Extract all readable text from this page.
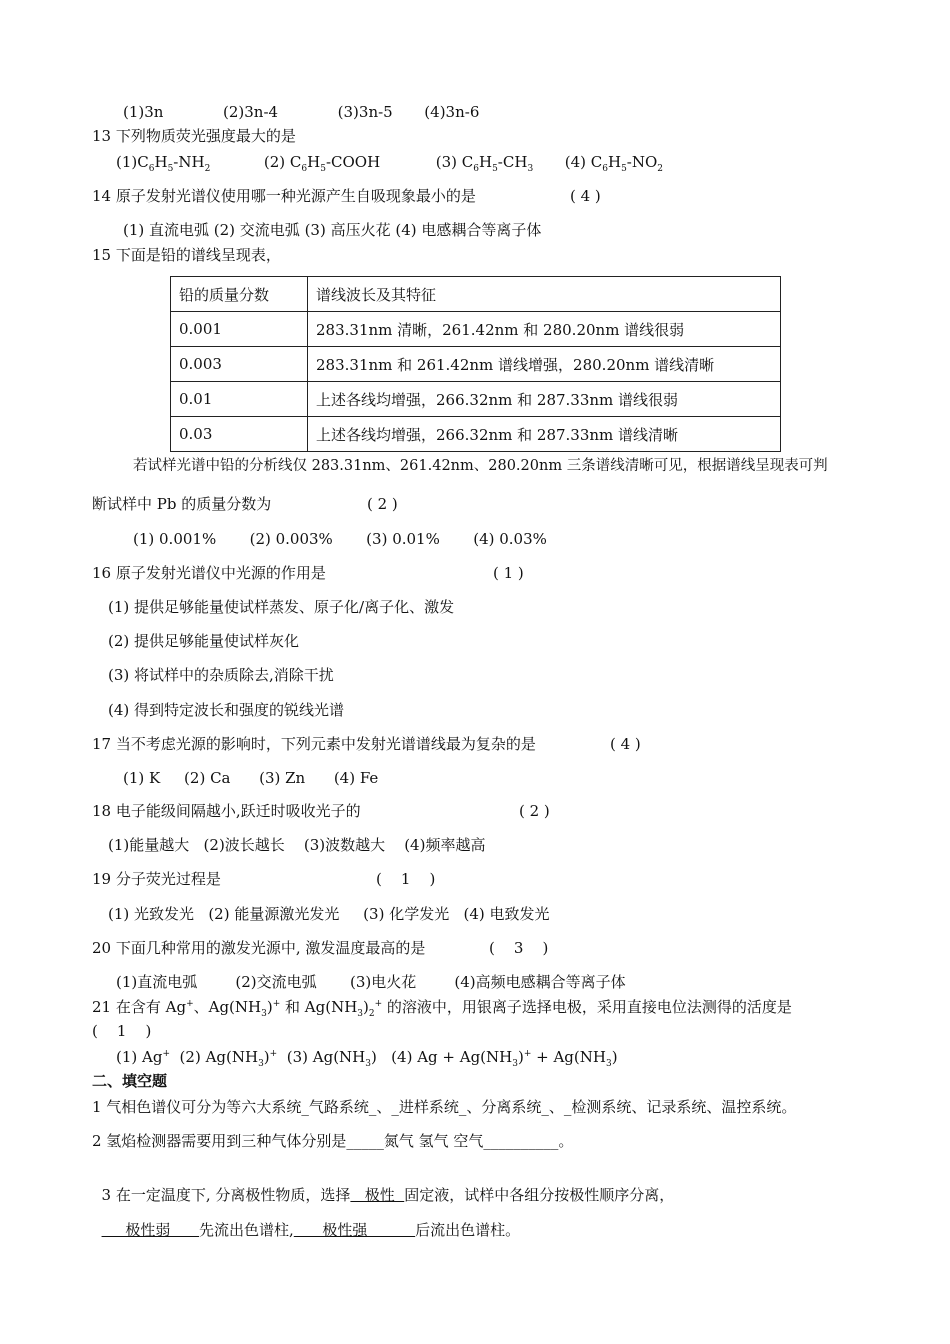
(1)3n	(2)3n-4	(3)3n-5 (4)3n-6
13 下列物质荧光强度最大的是
$(1)C_6H_5-NH_2$	(2) $C_6H_5$-COOH	(3) $C_6H_5-CH_3$ (4) $C_6H_5-NO_2$
14 原子发射光谱仪使用哪一种光源产生自吸现象最小的是	( 4 )
(1) 直流电弧 (2) 交流电弧 (3) 高压火花 (4) 电感耦合等离子体
15 下面是铅的谱线呈现表，
铅的质量分数	谱线波长及其特征
0.001	283.31nm 清晰，261.42nm 和 280.20nm 谱线很弱
0.003	283.31nm 和 261.42nm 谱线增强，280.20nm 谱线清晰
0.01	上述各线均增强，266.32nm 和 287.33nm 谱线很弱
0.03	上述各线均增强，266.32nm 和 287.33nm 谱线清晰
若试样光谱中铅的分析线仅 283.31nm、261.42nm、280.20nm 三条谱线清晰可见，根据谱线呈现表可判
断试样中 Pb 的质量分数为	( 2 )
(1) 0.001%       (2) 0.003%       (3) 0.01%       (4) 0.03%
16 原子发射光谱仪中光源的作用是	( 1 )
(1) 提供足够能量使试样蒸发、原子化/离子化、激发
(2) 提供足够能量使试样灰化
(3) 将试样中的杂质除去,消除干扰
(4) 得到特定波长和强度的锐线光谱
17 当不考虑光源的影响时，下列元素中发射光谱谱线最为复杂的是	( 4 )
(1) K     (2) Ca      (3) Zn      (4) Fe
18 电子能级间隔越小,跃迁时吸收光子的	( 2 )
(1)能量越大   (2)波长越长    (3)波数越大    (4)频率越高
19 分子荧光过程是	(    1    )
(1) 光致发光   (2) 能量源激光发光     (3) 化学发光   (4) 电致发光
20 下面几种常用的激发光源中, 激发温度最高的是	(    3    )
(1)直流电弧        (2)交流电弧       (3)电火花        (4)高频电感耦合等离子体
21 在含有 Ag+、$Ag(NH_3)^+$ 和 $Ag(NH_3)_2^+$ 的溶液中，用银离子选择电极，采用直接电位法测得的活度是
(    1    )
(1) Ag+  (2) $Ag(NH_3)^+$  (3) $Ag(NH_3)$   (4) $Ag + Ag(NH_3)^+ + Ag(NH_3)$
二、填空题
1 气相色谱仪可分为等六大系统_气路系统_、_进样系统_、分离系统_、_检测系统、记录系统、温控系统。
2 氢焰检测器需要用到三种气体分别是_____氮气 氢气 空气__________。

3 在一定温度下, 分离极性物质，选择   极性  固定液，试样中各组分按极性顺序分离，

极性弱      先流出色谱柱,      极性强          后流出色谱柱。
